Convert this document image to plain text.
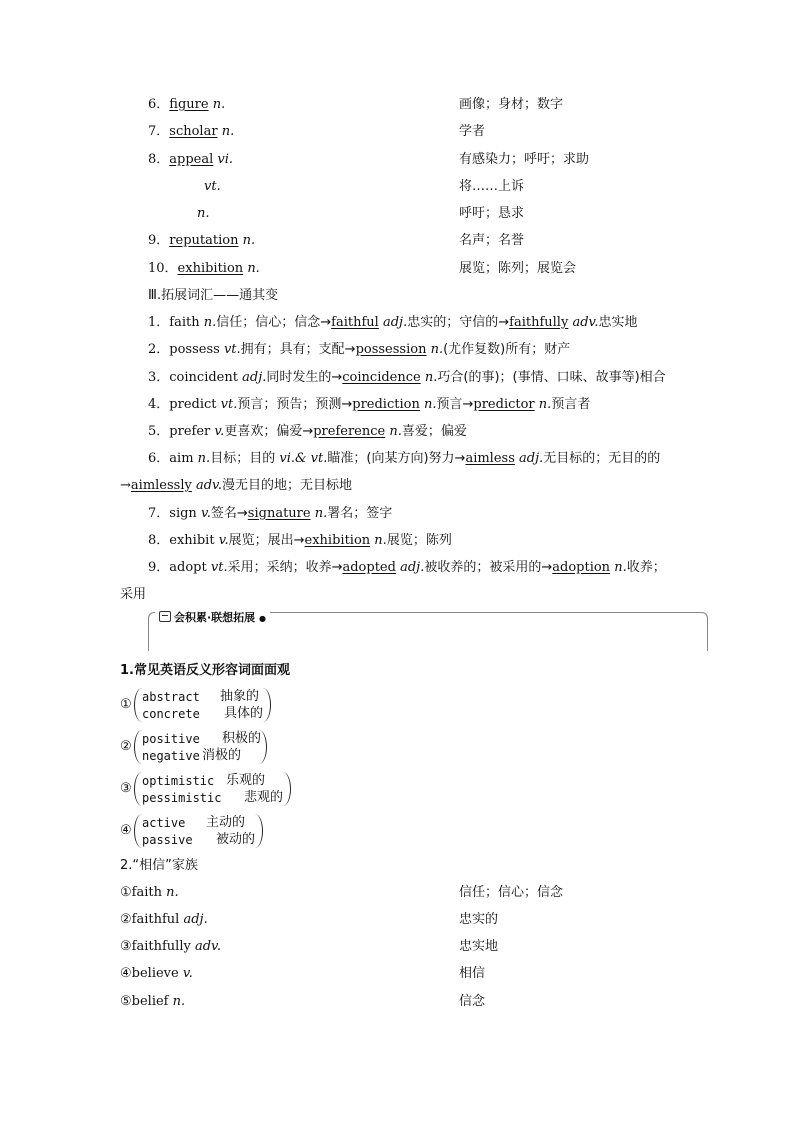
6．figure n.	画像；身材；数字
7．scholar n.	学者
8．appeal vi.	有感染力；呼吁；求助
vt.	将……上诉
n.	呼吁；恳求
9．reputation n.	名声；名誉
10．exhibition n.	展览；陈列；展览会
Ⅲ.拓展词汇——通其变
1．faith n.信任；信心；信念→faithful adj.忠实的；守信的→faithfully adv.忠实地
2．possess vt.拥有；具有；支配→possession n.(尤作复数)所有；财产
3．coincident adj.同时发生的→coincidence n.巧合(的事)；(事情、口味、故事等)相合
4．predict vt.预言；预告；预测→prediction n.预言→predictor n.预言者
5．prefer v.更喜欢；偏爱→preference n.喜爱；偏爱
6．aim n.目标；目的 vi.& vt.瞄准；(向某方向)努力→aimless adj.无目标的；无目的的
→aimlessly adv.漫无目的地；无目标地
7．sign v.签名→signature n.署名；签字
8．exhibit v.展览；展出→exhibition n.展览；陈列
9．adopt vt.采用；采纳；收养→adopted adj.被收养的；被采用的→adoption n.收养；
采用
会积累·联想拓展 ●
1.常见英语反义形容词面面观
① abstract 抽象的
concrete 具体的
② positive 积极的
negative 消极的
③ optimistic 乐观的
pessimistic 悲观的
④ active 主动的
passive 被动的
2.“相信”家族
①faith n.	信任；信心；信念
②faithful adj.	忠实的
③faithfully adv.	忠实地
④believe v.	相信
⑤belief n.	信念
